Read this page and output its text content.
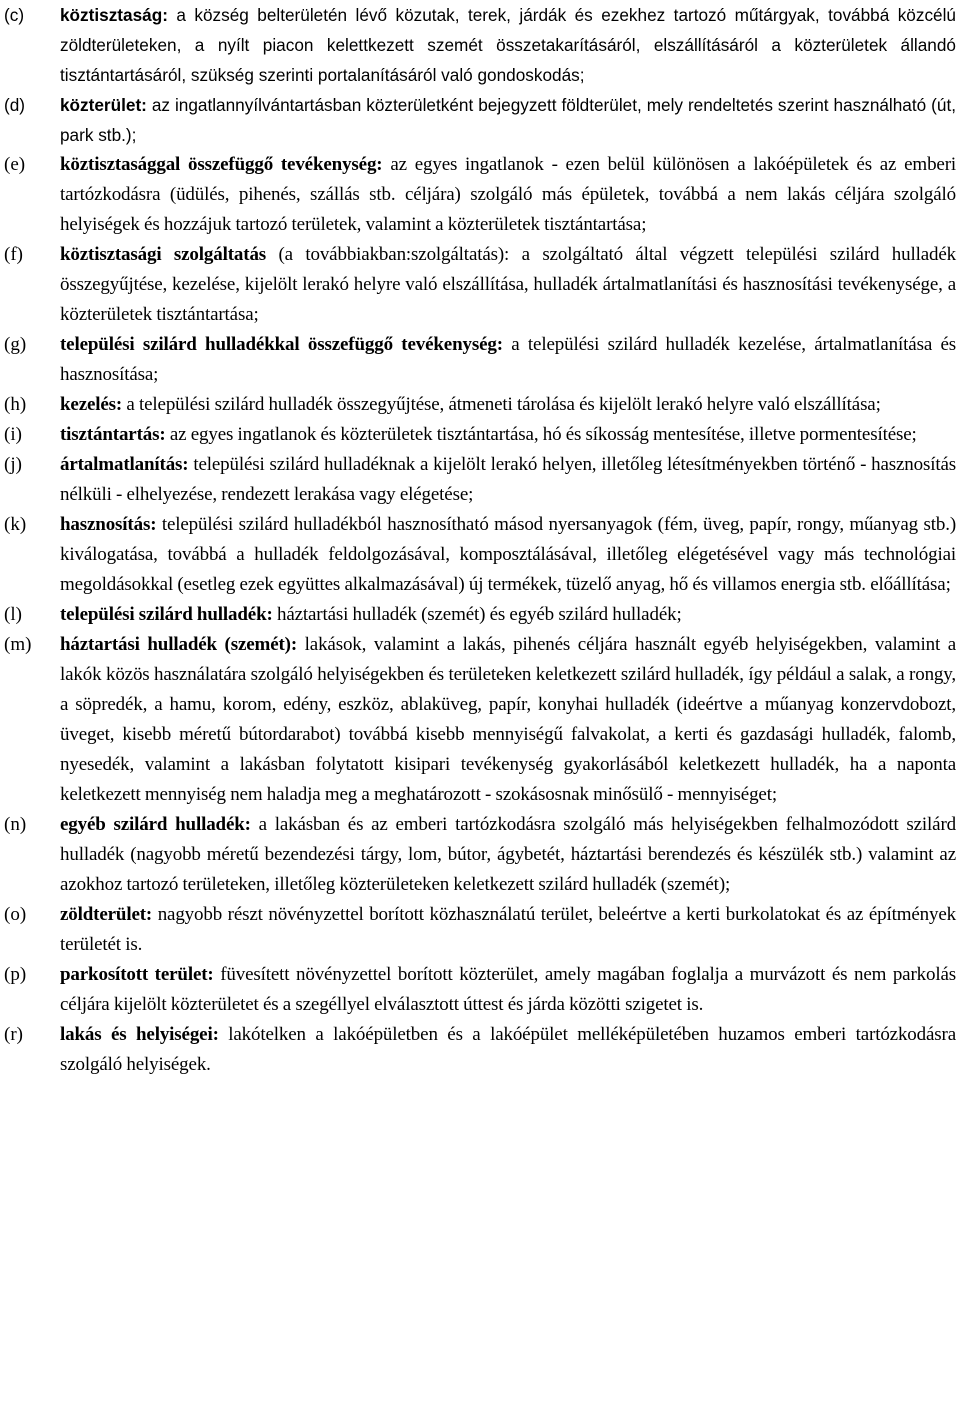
(c) köztisztaság: a község belterületén lévő közutak, terek, járdák és ezekhez tartozó műtárgyak, továbbá közcélú zöldterületeken, a nyílt piacon kelettkezett szemét összetakarításáról, elszállításáról a közterületek állandó tisztántartásáról, szükség szerinti portalanításáról való gondoskodás;

(d) közterület: az ingatlannyílvántartásban közterületként bejegyzett földterület, mely rendeltetés szerint használható (út, park stb.);

(e) köztisztasággal összefüggő tevékenység: az egyes ingatlanok - ezen belül különösen a lakóépületek és az emberi tartózkodásra (üdülés, pihenés, szállás stb. céljára) szolgáló más épületek, továbbá a nem lakás céljára szolgáló helyiségek és hozzájuk tartozó területek, valamint a közterületek tisztántartása;

(f) köztisztasági szolgáltatás (a továbbiakban:szolgáltatás): a szolgáltató által végzett települési szilárd hulladék összegyűjtése, kezelése, kijelölt lerakó helyre való elszállítása, hulladék ártalmatlanítási és hasznosítási tevékenysége, a közterületek tisztántartása;

(g) települési szilárd hulladékkal összefüggő tevékenység: a települési szilárd hulladék kezelése, ártalmatlanítása és hasznosítása;

(h) kezelés: a települési szilárd hulladék összegyűjtése, átmeneti tárolása és kijelölt lerakó helyre való elszállítása;

(i) tisztántartás: az egyes ingatlanok és közterületek tisztántartása, hó és síkosság mentesítése, illetve pormentesítése;

(j) ártalmatlanítás: települési szilárd hulladéknak a kijelölt lerakó helyen, illetőleg létesítményekben történő - hasznosítás nélküli - elhelyezése, rendezett lerakása vagy elégetése;

(k) hasznosítás: települési szilárd hulladékból hasznosítható másod nyersanyagok (fém, üveg, papír, rongy, műanyag stb.) kiválogatása, továbbá a hulladék feldolgozásával, komposztálásával, illetőleg elégetésével vagy más technológiai megoldásokkal (esetleg ezek együttes alkalmazásával) új termékek, tüzelő anyag, hő és villamos energia stb. előállítása;

(l) települési szilárd hulladék: háztartási hulladék (szemét) és egyéb szilárd hulladék;

(m) háztartási hulladék (szemét): lakások, valamint a lakás, pihenés céljára használt egyéb helyiségekben, valamint a lakók közös használatára szolgáló helyiségekben és területeken keletkezett szilárd hulladék, így például a salak, a rongy, a söpredék, a hamu, korom, edény, eszköz, ablaküveg, papír, konyhai hulladék (ideértve a műanyag konzervdobozt, üveget, kisebb méretű bútordarabot) továbbá kisebb mennyiségű falvakolat, a kerti és gazdasági hulladék, falomb, nyesedék, valamint a lakásban folytatott kisipari tevékenység gyakorlásából keletkezett hulladék, ha a naponta keletkezett mennyiség nem haladja meg a meghatározott - szokásosnak minősülő - mennyiséget;

(n) egyéb szilárd hulladék: a lakásban és az emberi tartózkodásra szolgáló más helyiségekben felhalmozódott szilárd hulladék (nagyobb méretű bezendezési tárgy, lom, bútor, ágybetét, háztartási berendezés és készülék stb.) valamint az azokhoz tartozó területeken, illetőleg közterületeken keletkezett szilárd hulladék (szemét);

(o) zöldterület: nagyobb részt növényzettel borított közhasználatú terület, beleértve a kerti burkolatokat és az építmények területét is.

(p) parkosított terület: füvesített növényzettel borított közterület, amely magában foglalja a murvázott és nem parkolás céljára kijelölt közterületet és a szegéllyel elválasztott úttest és járda közötti szigetet is.

(r) lakás és helyiségei: lakótelken a lakóépületben és a lakóépület melléképületében huzamos emberi tartózkodásra szolgáló helyiségek.
